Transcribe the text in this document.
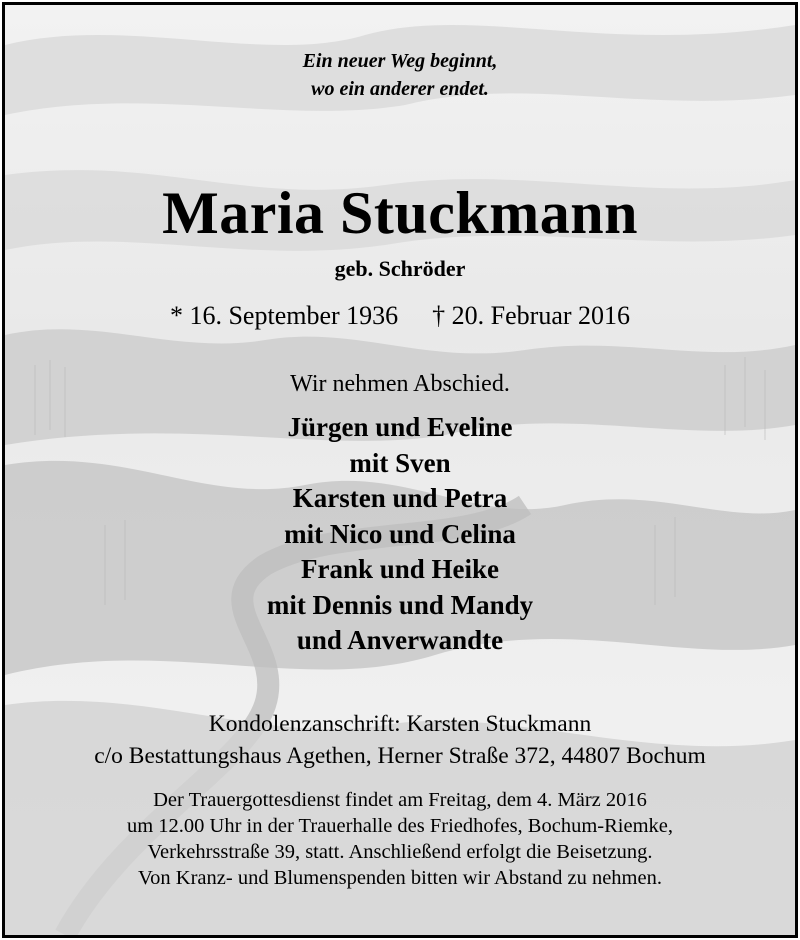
Ein neuer Weg beginnt,
wo ein anderer endet.
Maria Stuckmann
geb. Schröder
* 16. September 1936 † 20. Februar 2016
Wir nehmen Abschied.
Jürgen und Eveline
mit Sven
Karsten und Petra
mit Nico und Celina
Frank und Heike
mit Dennis und Mandy
und Anverwandte
Kondolenzanschrift: Karsten Stuckmann
c/o Bestattungshaus Agethen, Herner Straße 372, 44807 Bochum
Der Trauergottesdienst findet am Freitag, dem 4. März 2016
um 12.00 Uhr in der Trauerhalle des Friedhofes, Bochum-Riemke,
Verkehrsstraße 39, statt. Anschließend erfolgt die Beisetzung.
Von Kranz- und Blumenspenden bitten wir Abstand zu nehmen.
